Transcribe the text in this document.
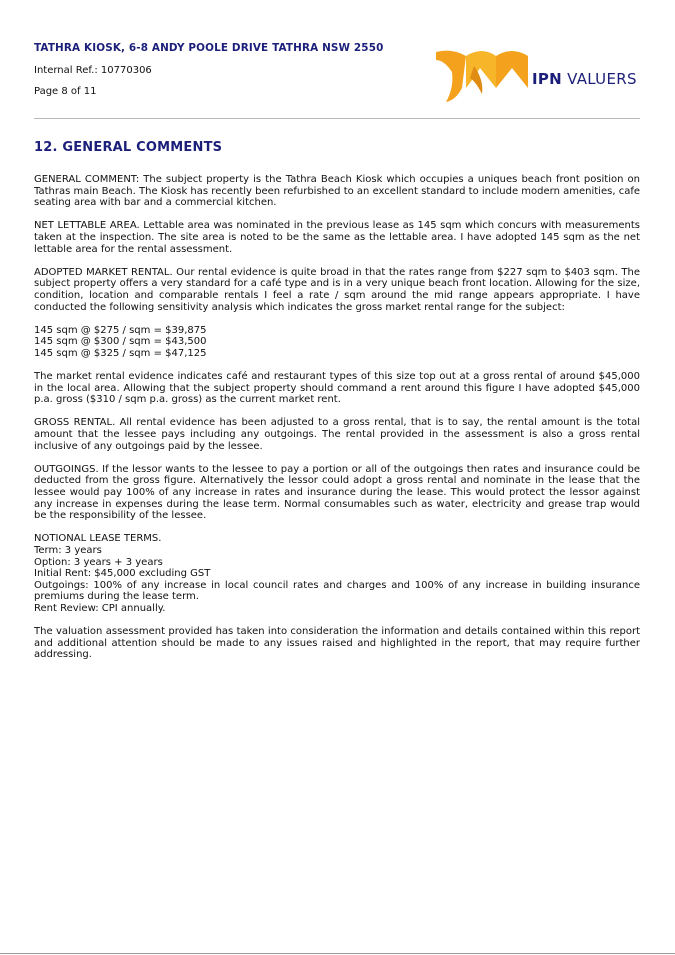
TATHRA KIOSK, 6-8 ANDY POOLE DRIVE TATHRA NSW 2550
Internal Ref.: 10770306
Page 8 of 11
IPN VALUERS
12. GENERAL COMMENTS

GENERAL COMMENT: The subject property is the Tathra Beach Kiosk which occupies a uniques beach front position on Tathras main Beach. The Kiosk has recently been refurbished to an excellent standard to include modern amenities, cafe seating area with bar and a commercial kitchen.

NET LETTABLE AREA. Lettable area was nominated in the previous lease as 145 sqm which concurs with measurements taken at the inspection. The site area is noted to be the same as the lettable area. I have adopted 145 sqm as the net lettable area for the rental assessment.

ADOPTED MARKET RENTAL. Our rental evidence is quite broad in that the rates range from $227 sqm to $403 sqm. The subject property offers a very standard for a café type and is in a very unique beach front location. Allowing for the size, condition, location and comparable rentals I feel a rate / sqm around the mid range appears appropriate. I have conducted the following sensitivity analysis which indicates the gross market rental range for the subject:

145 sqm @ $275 / sqm = $39,875
145 sqm @ $300 / sqm = $43,500
145 sqm @ $325 / sqm = $47,125

The market rental evidence indicates café and restaurant types of this size top out at a gross rental of around $45,000 in the local area. Allowing that the subject property should command a rent around this figure I have adopted $45,000 p.a. gross ($310 / sqm p.a. gross) as the current market rent.

GROSS RENTAL. All rental evidence has been adjusted to a gross rental, that is to say, the rental amount is the total amount that the lessee pays including any outgoings. The rental provided in the assessment is also a gross rental inclusive of any outgoings paid by the lessee.

OUTGOINGS. If the lessor wants to the lessee to pay a portion or all of the outgoings then rates and insurance could be deducted from the gross figure. Alternatively the lessor could adopt a gross rental and nominate in the lease that the lessee would pay 100% of any increase in rates and insurance during the lease. This would protect the lessor against any increase in expenses during the lease term. Normal consumables such as water, electricity and grease trap would be the responsibility of the lessee.

NOTIONAL LEASE TERMS.
Term: 3 years
Option: 3 years + 3 years
Initial Rent: $45,000 excluding GST
Outgoings: 100% of any increase in local council rates and charges and 100% of any increase in building insurance premiums during the lease term.
Rent Review: CPI annually.

The valuation assessment provided has taken into consideration the information and details contained within this report and additional attention should be made to any issues raised and highlighted in the report, that may require further addressing.
